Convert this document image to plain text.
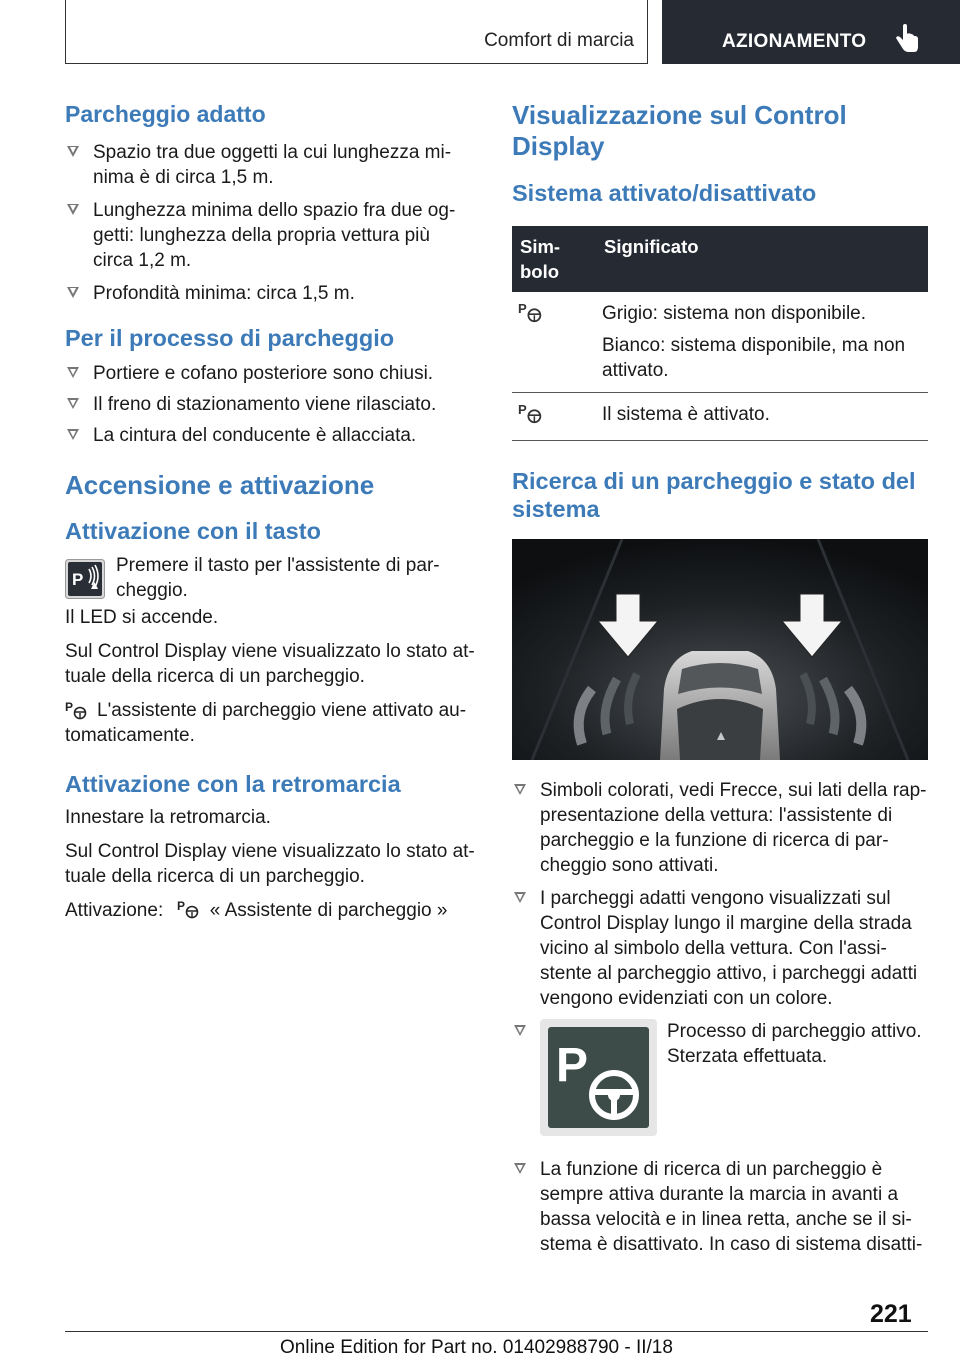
Comfort di marcia	AZIONAMENTO
Parcheggio adatto
Spazio tra due oggetti la cui lunghezza mi-nima è di circa 1,5 m.
Lunghezza minima dello spazio fra due og-getti: lunghezza della propria vettura più circa 1,2 m.
Profondità minima: circa 1,5 m.
Per il processo di parcheggio
Portiere e cofano posteriore sono chiusi.
Il freno di stazionamento viene rilasciato.
La cintura del conducente è allacciata.
Accensione e attivazione
Attivazione con il tasto
P
Premere il tasto per l'assistente di par-cheggio.
Il LED si accende.
Sul Control Display viene visualizzato lo stato at-tuale della ricerca di un parcheggio.
P L'assistente di parcheggio viene attivato au-tomaticamente.
Attivazione con la retromarcia
Innestare la retromarcia.
Sul Control Display viene visualizzato lo stato at-tuale della ricerca di un parcheggio.
Attivazione: P « Assistente di parcheggio »
Visualizzazione sul Control Display
Sistema attivato/disattivato
Sim-
bolo	Significato

P	Grigio: sistema non disponibile.

Bianco: sistema disponibile, ma non attivato.

P	Il sistema è attivato.
Ricerca di un parcheggio e stato del sistema
Simboli colorati, vedi Frecce, sui lati della rap-presentazione della vettura: l'assistente di parcheggio e la funzione di ricerca di par-cheggio sono attivati.
I parcheggi adatti vengono visualizzati sul Control Display lungo il margine della strada vicino al simbolo della vettura. Con l'assi-stente al parcheggio attivo, i parcheggi adatti vengono evidenziati con un colore.
P
Processo di parcheggio attivo. Sterzata effettuata.
La funzione di ricerca di un parcheggio è sempre attiva durante la marcia in avanti a bassa velocità e in linea retta, anche se il si-stema è disattivato. In caso di sistema disatti-
221
Online Edition for Part no. 01402988790 - II/18
